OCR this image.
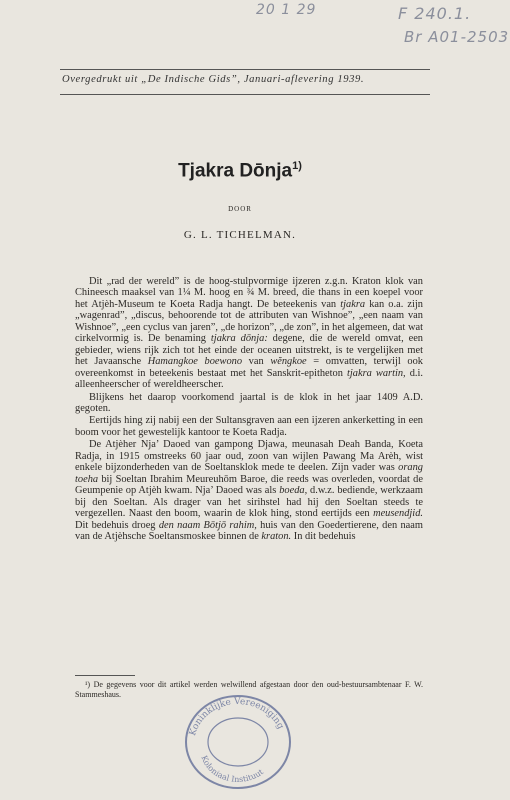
20 1 29	F 240.1.
Br A01-2503
Overgedrukt uit „De Indische Gids”, Januari-aflevering 1939.
Tjakra Dōnja$^{1)}$
DOOR
G. L. TICHELMAN.

Dit „rad der wereld” is de hoog-stulpvormige ijzeren z.g.n. Kraton klok van Chineesch maaksel van 1¼ M. hoog en ¾ M. breed, die thans in een koepel voor het Atjèh-Museum te Koeta Radja hangt. De beteekenis van tjakra kan o.a. zijn „wagenrad”, „discus, behoorende tot de attributen van Wishnoe”, „een naam van Wishnoe”, „een cyclus van jaren”, „de horizon”, „de zon”, in het algemeen, dat wat cirkelvormig is. De benaming tjakra dōnja: degene, die de wereld omvat, een gebieder, wiens rijk zich tot het einde der oceanen uitstrekt, is te vergelijken met het Javaansche Hamangkoe boewono van wĕngkoe = omvatten, terwijl ook overeenkomst in beteekenis bestaat met het Sanskrit-epitheton tjakra wartin, d.i. alleenheerscher of wereldheerscher.

Blijkens het daarop voorkomend jaartal is de klok in het jaar 1409 A.D. gegoten.

Eertijds hing zij nabij een der Sultansgraven aan een ijzeren ankerketting in een boom voor het gewestelijk kantoor te Koeta Radja.

De Atjèher Nja’ Daoed van gampong Djawa, meunasah Deah Banda, Koeta Radja, in 1915 omstreeks 60 jaar oud, zoon van wijlen Pawang Ma Arèh, wist enkele bijzonderheden van de Soeltansklok mede te deelen. Zijn vader was orang toeha bij Soeltan Ibrahim Meureuhōm Baroe, die reeds was overleden, voordat de Geumpenie op Atjèh kwam. Nja’ Daoed was als boeda, d.w.z. bediende, werkzaam bij den Soeltan. Als drager van het sirihstel had hij den Soeltan steeds te vergezellen. Naast den boom, waarin de klok hing, stond eertijds een meusendjid. Dit bedehuis droeg den naam Bōtjō rahim, huis van den Goedertierene, den naam van de Atjèhsche Soeltansmoskee binnen de kraton. In dit bedehuis

¹) De gegevens voor dit artikel werden welwillend afgestaan door den oud-bestuursambtenaar F. W. Stammeshaus.
Koninklijke Vereeniging
Koloniaal Instituut
